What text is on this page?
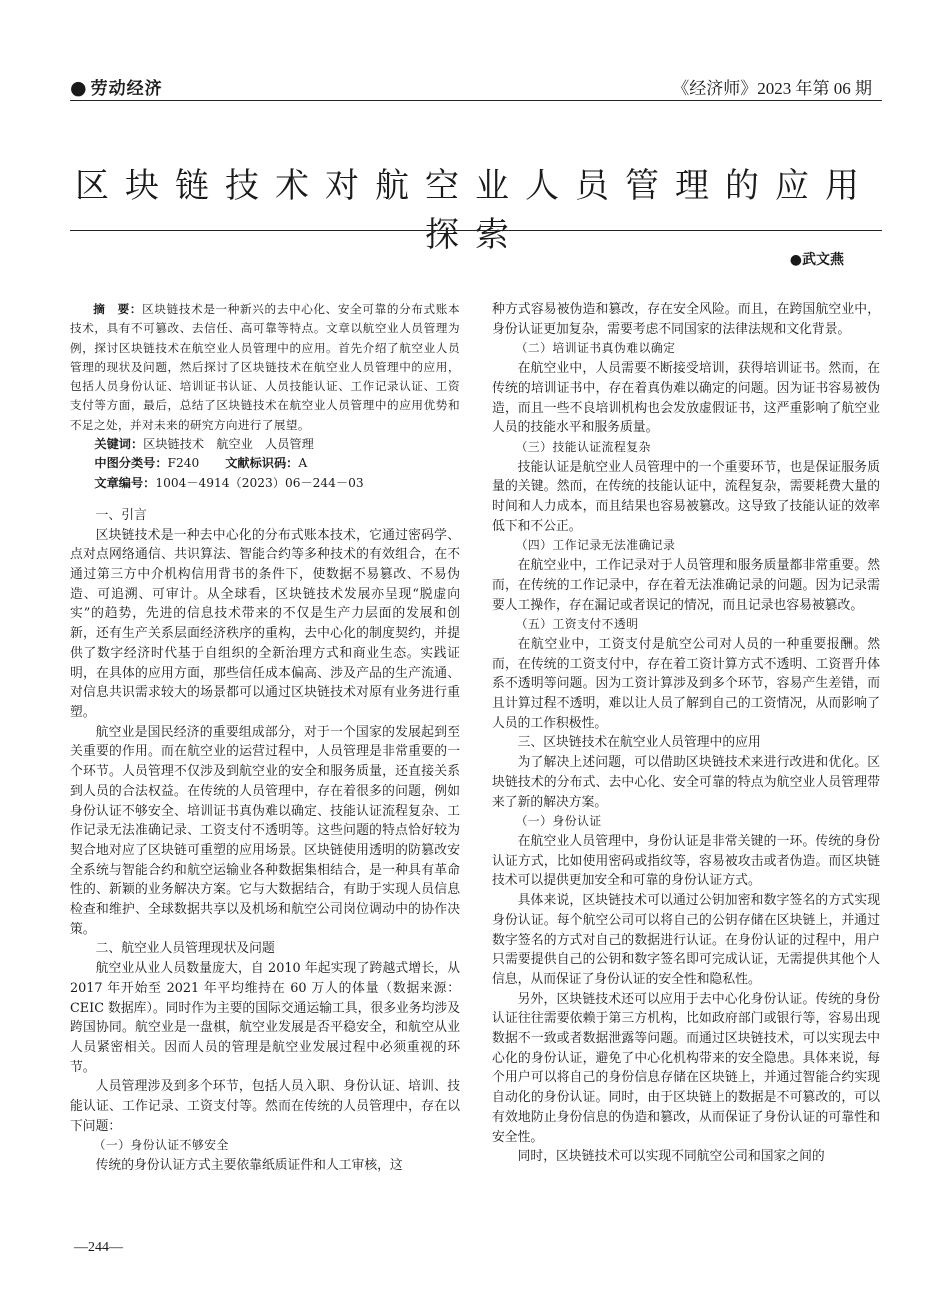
● 劳动经济	《经济师》2023 年第 06 期
区块链技术对航空业人员管理的应用探索
●武文燕

摘　要：区块链技术是一种新兴的去中心化、安全可靠的分布式账本技术，具有不可篡改、去信任、高可靠等特点。文章以航空业人员管理为例，探讨区块链技术在航空业人员管理中的应用。首先介绍了航空业人员管理的现状及问题，然后探讨了区块链技术在航空业人员管理中的应用，包括人员身份认证、培训证书认证、人员技能认证、工作记录认证、工资支付等方面，最后，总结了区块链技术在航空业人员管理中的应用优势和不足之处，并对未来的研究方向进行了展望。

关键词：区块链技术　航空业　人员管理

中图分类号：F240 文献标识码：A

文章编号：1004－4914（2023）06－244－03

一、引言

区块链技术是一种去中心化的分布式账本技术，它通过密码学、点对点网络通信、共识算法、智能合约等多种技术的有效组合，在不通过第三方中介机构信用背书的条件下，使数据不易篡改、不易伪造、可追溯、可审计。从全球看，区块链技术发展亦呈现“脱虚向实”的趋势，先进的信息技术带来的不仅是生产力层面的发展和创新，还有生产关系层面经济秩序的重构，去中心化的制度契约，并提供了数字经济时代基于自组织的全新治理方式和商业生态。实践证明，在具体的应用方面，那些信任成本偏高、涉及产品的生产流通、对信息共识需求较大的场景都可以通过区块链技术对原有业务进行重塑。

航空业是国民经济的重要组成部分，对于一个国家的发展起到至关重要的作用。而在航空业的运营过程中，人员管理是非常重要的一个环节。人员管理不仅涉及到航空业的安全和服务质量，还直接关系到人员的合法权益。在传统的人员管理中，存在着很多的问题，例如身份认证不够安全、培训证书真伪难以确定、技能认证流程复杂、工作记录无法准确记录、工资支付不透明等。这些问题的特点恰好较为契合地对应了区块链可重塑的应用场景。区块链使用透明的防篡改安全系统与智能合约和航空运输业各种数据集相结合，是一种具有革命性的、新颖的业务解决方案。它与大数据结合，有助于实现人员信息检查和维护、全球数据共享以及机场和航空公司岗位调动中的协作决策。

二、航空业人员管理现状及问题

航空业从业人员数量庞大，自 2010 年起实现了跨越式增长，从 2017 年开始至 2021 年平均维持在 60 万人的体量（数据来源：CEIC 数据库）。同时作为主要的国际交通运输工具，很多业务均涉及跨国协同。航空业是一盘棋，航空业发展是否平稳安全，和航空从业人员紧密相关。因而人员的管理是航空业发展过程中必须重视的环节。

人员管理涉及到多个环节，包括人员入职、身份认证、培训、技能认证、工作记录、工资支付等。然而在传统的人员管理中，存在以下问题：

（一）身份认证不够安全

传统的身份认证方式主要依靠纸质证件和人工审核，这

种方式容易被伪造和篡改，存在安全风险。而且，在跨国航空业中，身份认证更加复杂，需要考虑不同国家的法律法规和文化背景。

（二）培训证书真伪难以确定

在航空业中，人员需要不断接受培训，获得培训证书。然而，在传统的培训证书中，存在着真伪难以确定的问题。因为证书容易被伪造，而且一些不良培训机构也会发放虚假证书，这严重影响了航空业人员的技能水平和服务质量。

（三）技能认证流程复杂

技能认证是航空业人员管理中的一个重要环节，也是保证服务质量的关键。然而，在传统的技能认证中，流程复杂，需要耗费大量的时间和人力成本，而且结果也容易被篡改。这导致了技能认证的效率低下和不公正。

（四）工作记录无法准确记录

在航空业中，工作记录对于人员管理和服务质量都非常重要。然而，在传统的工作记录中，存在着无法准确记录的问题。因为记录需要人工操作，存在漏记或者误记的情况，而且记录也容易被篡改。

（五）工资支付不透明

在航空业中，工资支付是航空公司对人员的一种重要报酬。然而，在传统的工资支付中，存在着工资计算方式不透明、工资晋升体系不透明等问题。因为工资计算涉及到多个环节，容易产生差错，而且计算过程不透明，难以让人员了解到自己的工资情况，从而影响了人员的工作积极性。

三、区块链技术在航空业人员管理中的应用

为了解决上述问题，可以借助区块链技术来进行改进和优化。区块链技术的分布式、去中心化、安全可靠的特点为航空业人员管理带来了新的解决方案。

（一）身份认证

在航空业人员管理中，身份认证是非常关键的一环。传统的身份认证方式，比如使用密码或指纹等，容易被攻击或者伪造。而区块链技术可以提供更加安全和可靠的身份认证方式。

具体来说，区块链技术可以通过公钥加密和数字签名的方式实现身份认证。每个航空公司可以将自己的公钥存储在区块链上，并通过数字签名的方式对自己的数据进行认证。在身份认证的过程中，用户只需要提供自己的公钥和数字签名即可完成认证，无需提供其他个人信息，从而保证了身份认证的安全性和隐私性。

另外，区块链技术还可以应用于去中心化身份认证。传统的身份认证往往需要依赖于第三方机构，比如政府部门或银行等，容易出现数据不一致或者数据泄露等问题。而通过区块链技术，可以实现去中心化的身份认证，避免了中心化机构带来的安全隐患。具体来说，每个用户可以将自己的身份信息存储在区块链上，并通过智能合约实现自动化的身份认证。同时，由于区块链上的数据是不可篡改的，可以有效地防止身份信息的伪造和篡改，从而保证了身份认证的可靠性和安全性。

同时，区块链技术可以实现不同航空公司和国家之间的

—244—
